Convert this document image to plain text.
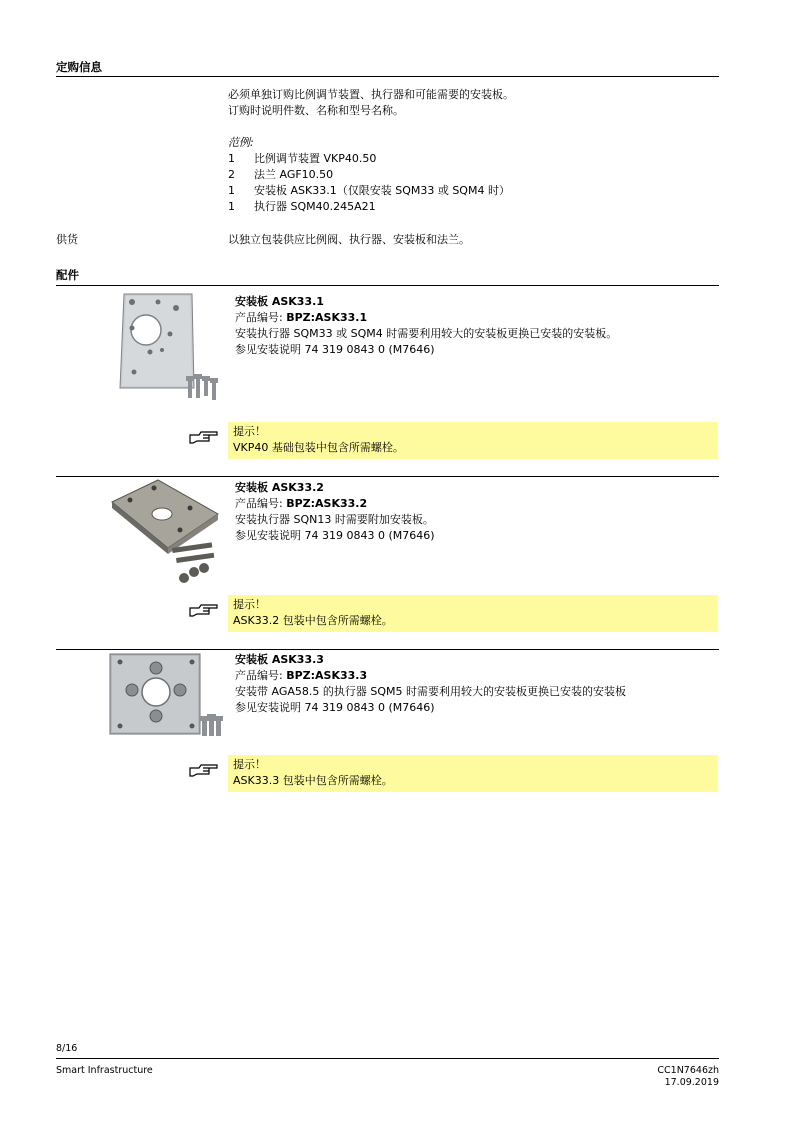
定购信息
必须单独订购比例调节装置、执行器和可能需要的安装板。
订购时说明件数、名称和型号名称。
范例:
1	比例调节装置 VKP40.50
2	法兰 AGF10.50
1	安装板 ASK33.1（仅限安装 SQM33 或 SQM4 时）
1	执行器 SQM40.245A21
供货	以独立包装供应比例阀、执行器、安装板和法兰。
配件
安装板 ASK33.1
产品编号: BPZ:ASK33.1
安装执行器 SQM33 或 SQM4 时需要利用较大的安装板更换已安装的安装板。
参见安装说明 74 319 0843 0 (M7646)
提示！
VKP40 基础包装中包含所需螺栓。
安装板 ASK33.2
产品编号: BPZ:ASK33.2
安装执行器 SQN13 时需要附加安装板。
参见安装说明 74 319 0843 0 (M7646)
提示！
ASK33.2 包装中包含所需螺栓。
安装板 ASK33.3
产品编号: BPZ:ASK33.3
安装带 AGA58.5 的执行器 SQM5 时需要利用较大的安装板更换已安装的安装板
参见安装说明 74 319 0843 0 (M7646)
提示！
ASK33.3 包装中包含所需螺栓。
8/16
Smart Infrastructure	CC1N7646zh
17.09.2019
